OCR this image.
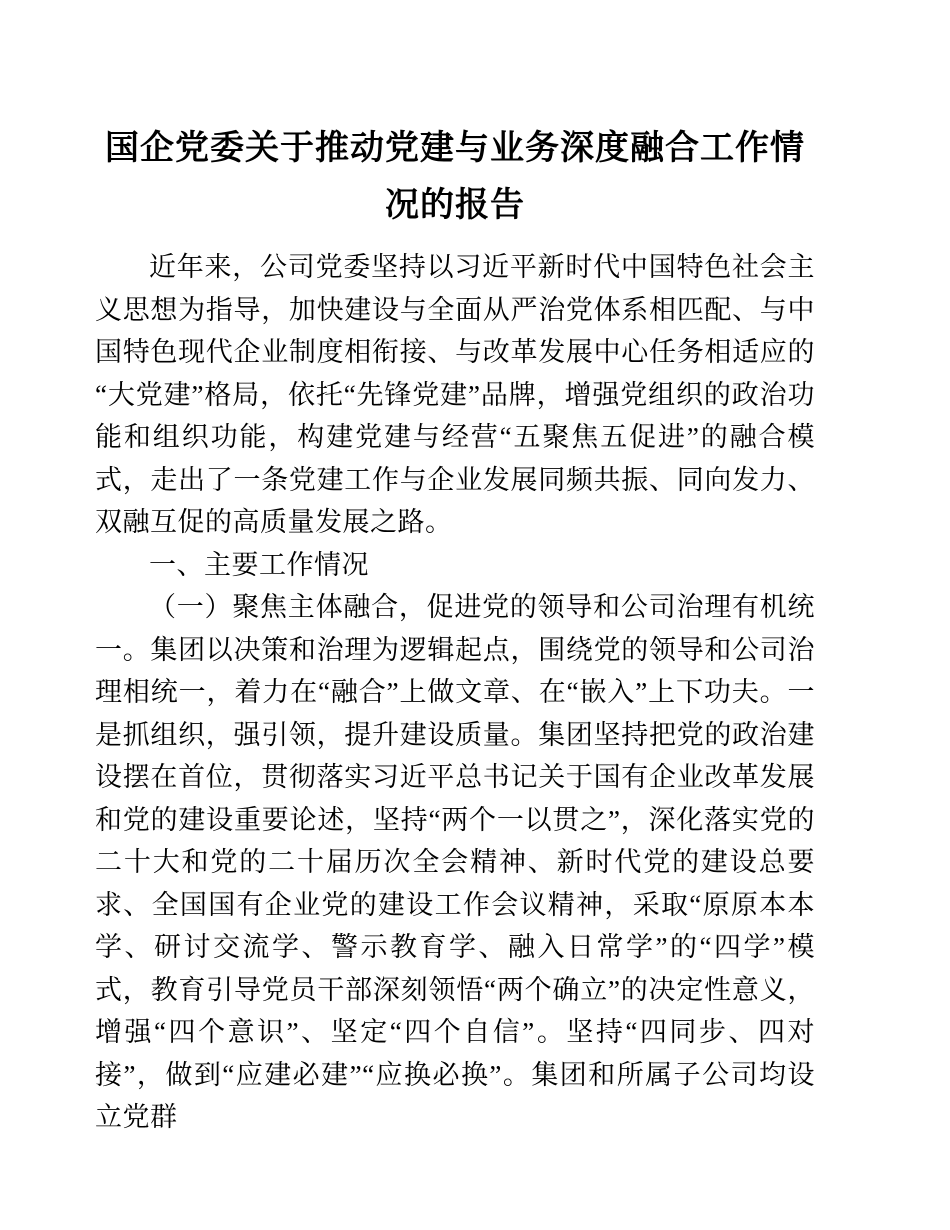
国企党委关于推动党建与业务深度融合工作情
况的报告

近年来，公司党委坚持以习近平新时代中国特色社会主义思想为指导，加快建设与全面从严治党体系相匹配、与中国特色现代企业制度相衔接、与改革发展中心任务相适应的“大党建”格局，依托“先锋党建”品牌，增强党组织的政治功能和组织功能，构建党建与经营“五聚焦五促进”的融合模式，走出了一条党建工作与企业发展同频共振、同向发力、双融互促的高质量发展之路。

一、主要工作情况

（一）聚焦主体融合，促进党的领导和公司治理有机统一。集团以决策和治理为逻辑起点，围绕党的领导和公司治理相统一，着力在“融合”上做文章、在“嵌入”上下功夫。一是抓组织，强引领，提升建设质量。集团坚持把党的政治建设摆在首位，贯彻落实习近平总书记关于国有企业改革发展和党的建设重要论述，坚持“两个一以贯之”，深化落实党的二十大和党的二十届历次全会精神、新时代党的建设总要求、全国国有企业党的建设工作会议精神，采取“原原本本学、研讨交流学、警示教育学、融入日常学”的“四学”模式，教育引导党员干部深刻领悟“两个确立”的决定性意义，增强“四个意识”、坚定“四个自信”。坚持“四同步、四对接”，做到“应建必建”“应换必换”。集团和所属子公司均设立党群
